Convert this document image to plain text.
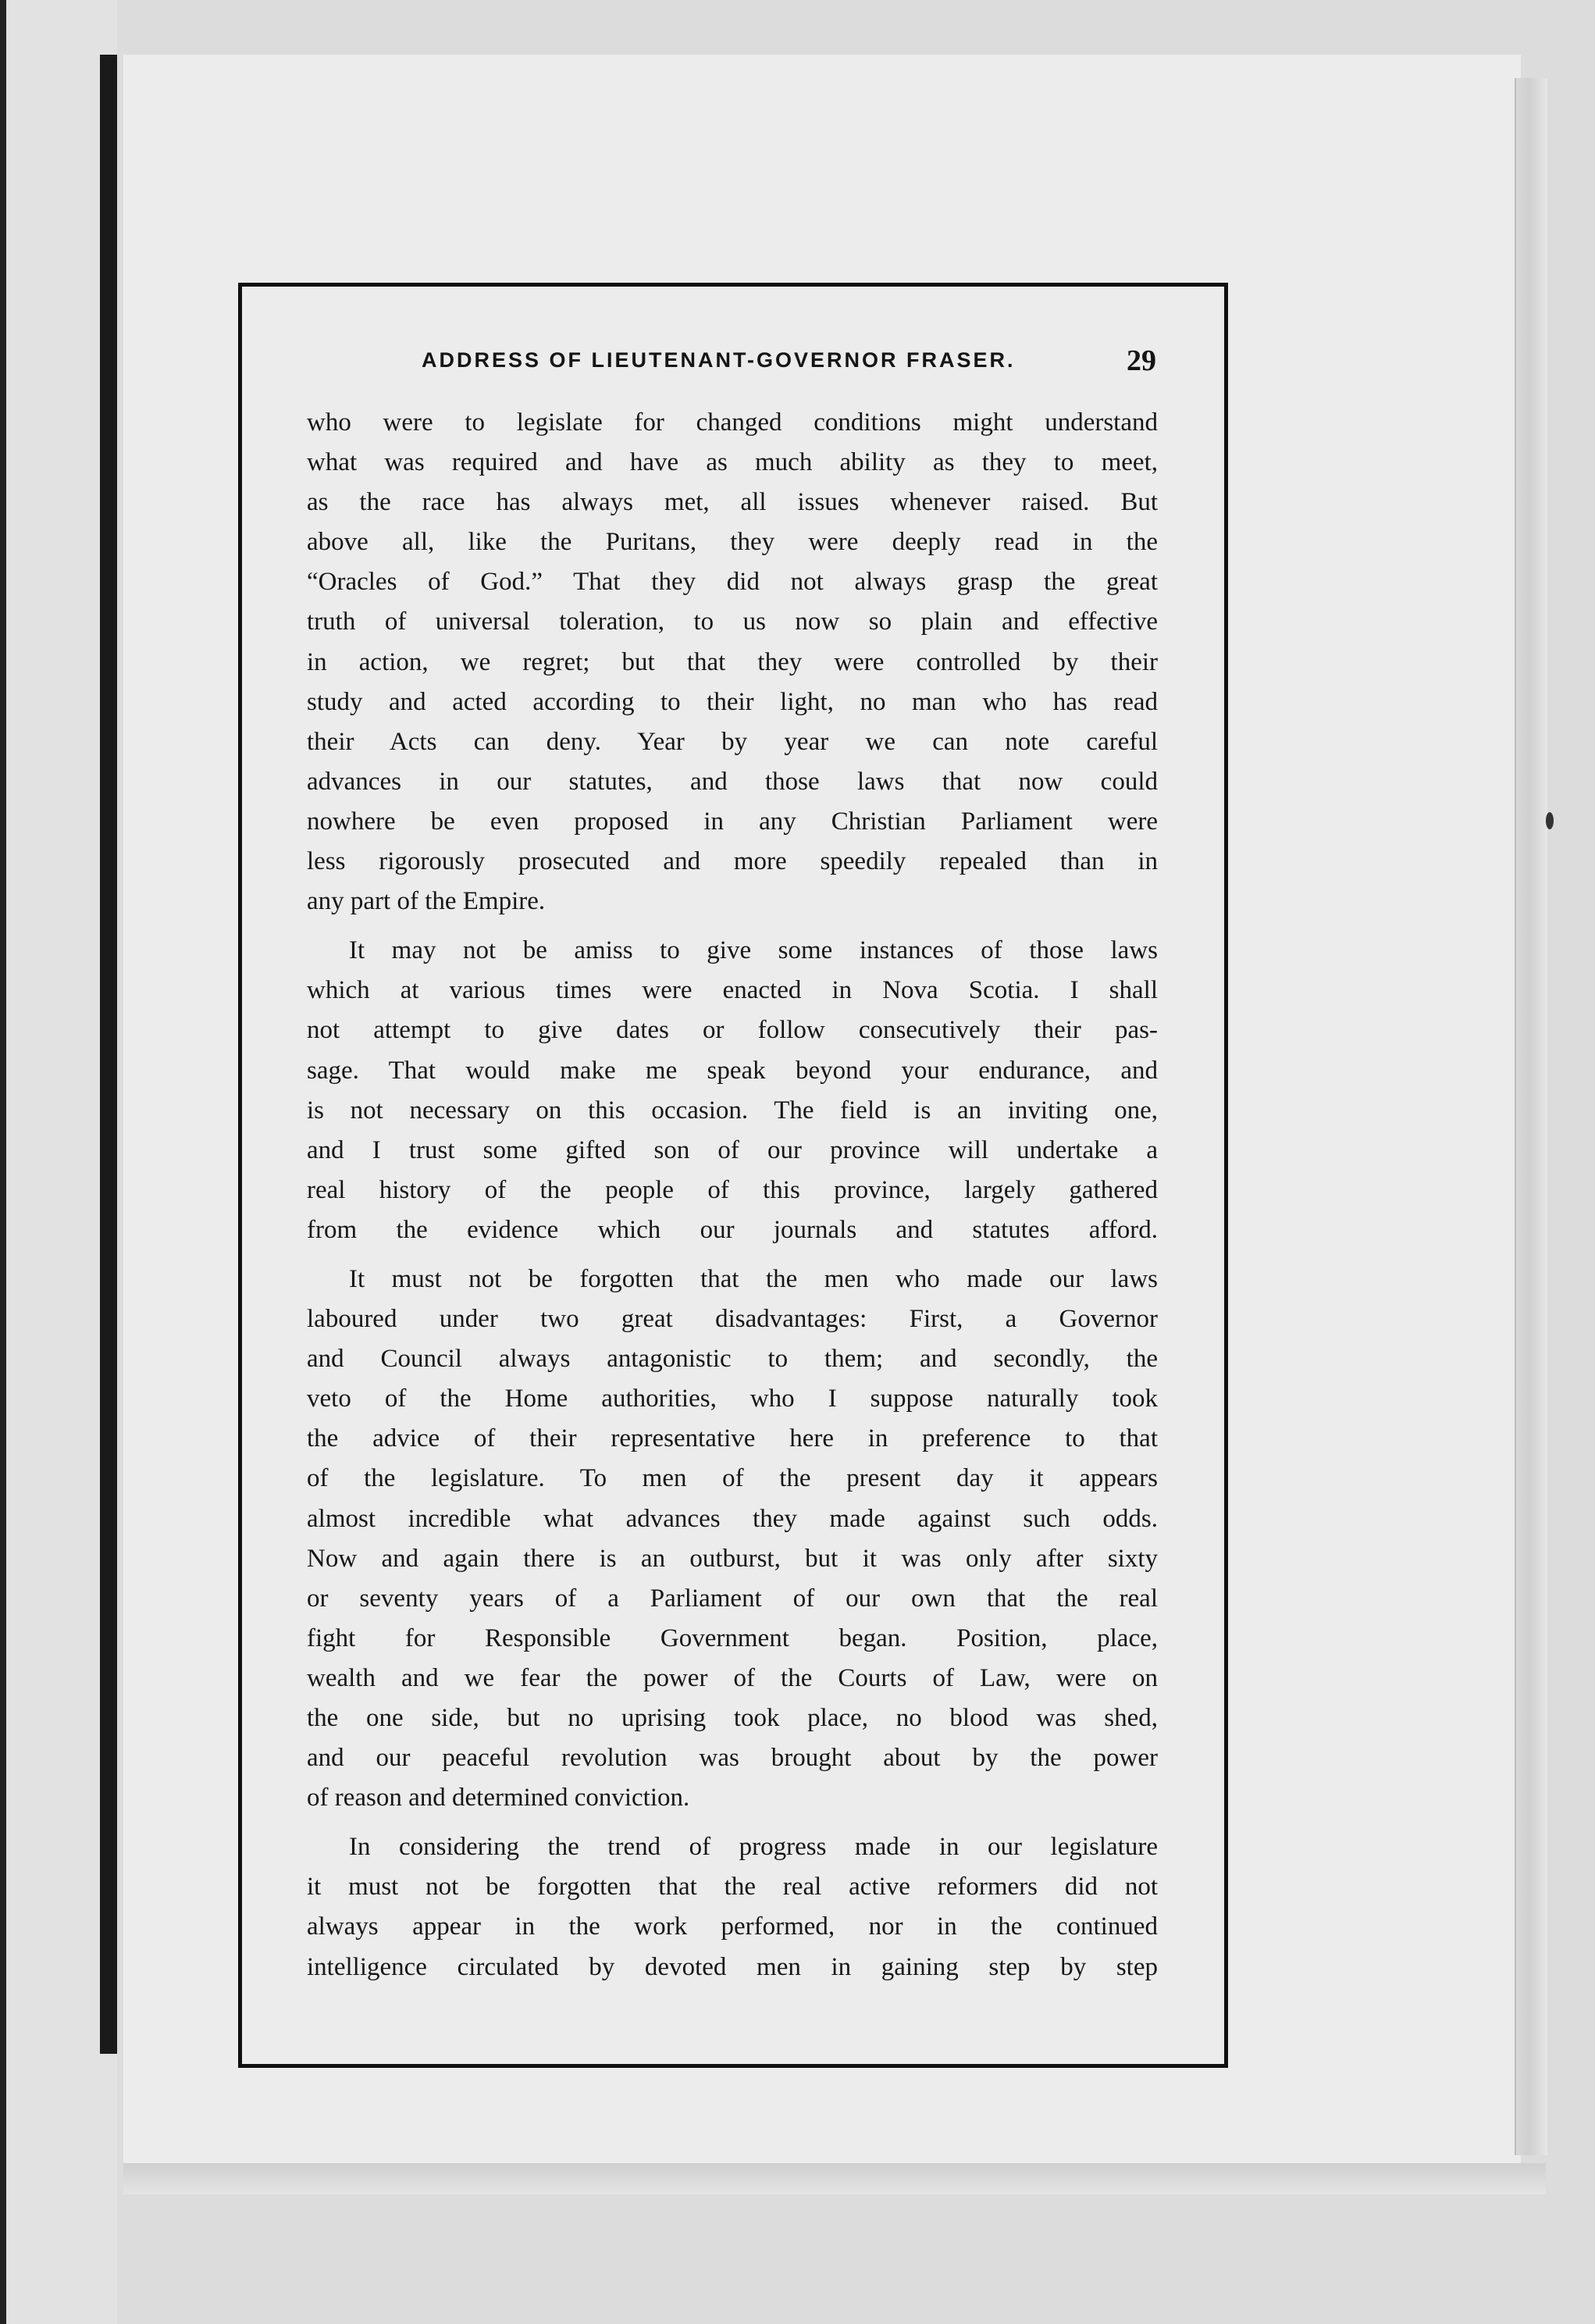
ADDRESS OF LIEUTENANT-GOVERNOR FRASER.	29
who were to legislate for changed conditions might understand
what was required and have as much ability as they to meet,
as the race has always met, all issues whenever raised. But
above all, like the Puritans, they were deeply read in the
“Oracles of God.” That they did not always grasp the great
truth of universal toleration, to us now so plain and effective
in action, we regret; but that they were controlled by their
study and acted according to their light, no man who has read
their Acts can deny. Year by year we can note careful
advances in our statutes, and those laws that now could
nowhere be even proposed in any Christian Parliament were
less rigorously prosecuted and more speedily repealed than in
any part of the Empire.
It may not be amiss to give some instances of those laws
which at various times were enacted in Nova Scotia. I shall
not attempt to give dates or follow consecutively their pas-
sage. That would make me speak beyond your endurance, and
is not necessary on this occasion. The field is an inviting one,
and I trust some gifted son of our province will undertake a
real history of the people of this province, largely gathered
from the evidence which our journals and statutes afford.
It must not be forgotten that the men who made our laws
laboured under two great disadvantages: First, a Governor
and Council always antagonistic to them; and secondly, the
veto of the Home authorities, who I suppose naturally took
the advice of their representative here in preference to that
of the legislature. To men of the present day it appears
almost incredible what advances they made against such odds.
Now and again there is an outburst, but it was only after sixty
or seventy years of a Parliament of our own that the real
fight for Responsible Government began. Position, place,
wealth and we fear the power of the Courts of Law, were on
the one side, but no uprising took place, no blood was shed,
and our peaceful revolution was brought about by the power
of reason and determined conviction.
In considering the trend of progress made in our legislature
it must not be forgotten that the real active reformers did not
always appear in the work performed, nor in the continued
intelligence circulated by devoted men in gaining step by step
